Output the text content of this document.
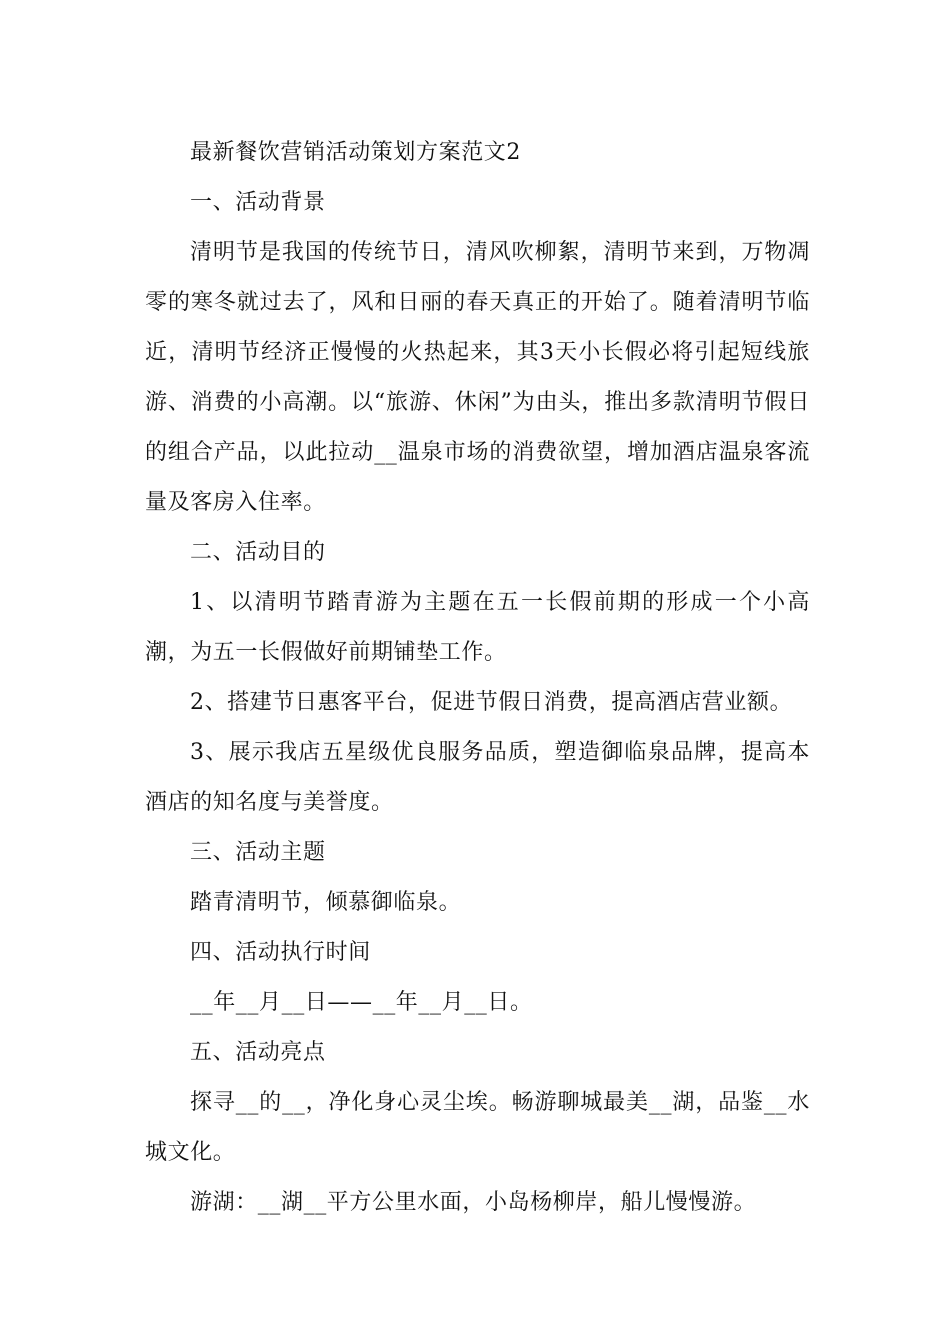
最新餐饮营销活动策划方案范文2

一、活动背景

清明节是我国的传统节日，清风吹柳絮，清明节来到，万物凋零的寒冬就过去了，风和日丽的春天真正的开始了。随着清明节临近，清明节经济正慢慢的火热起来，其3天小长假必将引起短线旅游、消费的小高潮。以“旅游、休闲”为由头，推出多款清明节假日的组合产品，以此拉动__温泉市场的消费欲望，增加酒店温泉客流量及客房入住率。

二、活动目的

1、以清明节踏青游为主题在五一长假前期的形成一个小高潮，为五一长假做好前期铺垫工作。

2、搭建节日惠客平台，促进节假日消费，提高酒店营业额。

3、展示我店五星级优良服务品质，塑造御临泉品牌，提高本酒店的知名度与美誉度。

三、活动主题

踏青清明节，倾慕御临泉。

四、活动执行时间

__年__月__日——__年__月__日。

五、活动亮点

探寻__的__，净化身心灵尘埃。畅游聊城最美__湖，品鉴__水城文化。

游湖：__湖__平方公里水面，小岛杨柳岸，船儿慢慢游。
